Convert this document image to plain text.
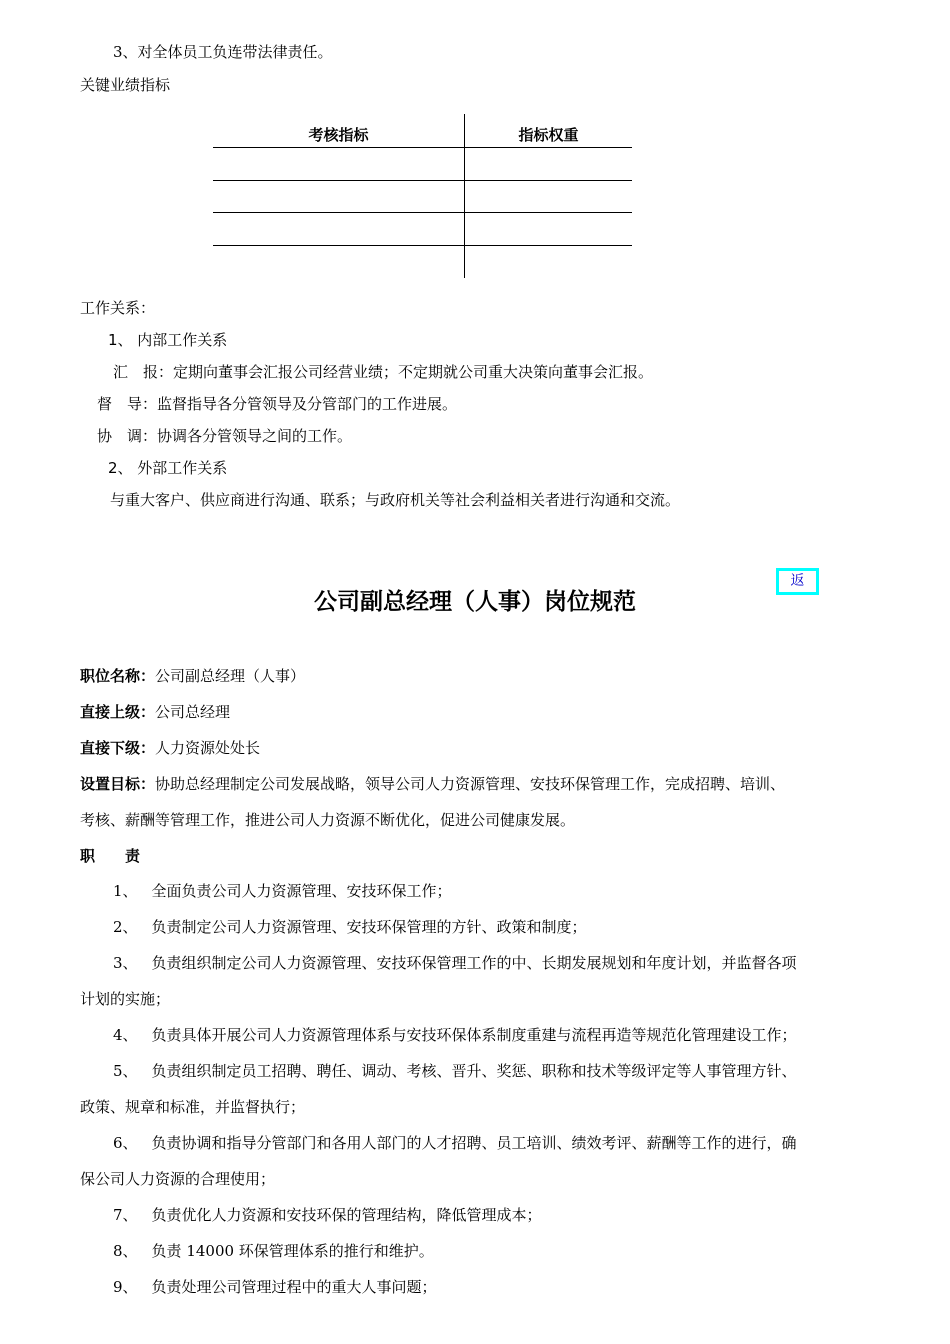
3、对全体员工负连带法律责任。
关键业绩指标
考核指标	指标权重
工作关系：
1、 内部工作关系
汇　报：定期向董事会汇报公司经营业绩；不定期就公司重大决策向董事会汇报。
督　导：监督指导各分管领导及分管部门的工作进展。
协　调：协调各分管领导之间的工作。
2、 外部工作关系
与重大客户、供应商进行沟通、联系；与政府机关等社会利益相关者进行沟通和交流。
返
公司副总经理（人事）岗位规范
职位名称：公司副总经理（人事）
直接上级：公司总经理
直接下级：人力资源处处长
设置目标：协助总经理制定公司发展战略，领导公司人力资源管理、安技环保管理工作，完成招聘、培训、
考核、薪酬等管理工作，推进公司人力资源不断优化，促进公司健康发展。
职　　责
1、 全面负责公司人力资源管理、安技环保工作；
2、 负责制定公司人力资源管理、安技环保管理的方针、政策和制度；
3、 负责组织制定公司人力资源管理、安技环保管理工作的中、长期发展规划和年度计划，并监督各项
计划的实施；
4、 负责具体开展公司人力资源管理体系与安技环保体系制度重建与流程再造等规范化管理建设工作；
5、 负责组织制定员工招聘、聘任、调动、考核、晋升、奖惩、职称和技术等级评定等人事管理方针、
政策、规章和标准，并监督执行；
6、 负责协调和指导分管部门和各用人部门的人才招聘、员工培训、绩效考评、薪酬等工作的进行，确
保公司人力资源的合理使用；
7、 负责优化人力资源和安技环保的管理结构，降低管理成本；
8、 负责 14000 环保管理体系的推行和维护。
9、 负责处理公司管理过程中的重大人事问题；
